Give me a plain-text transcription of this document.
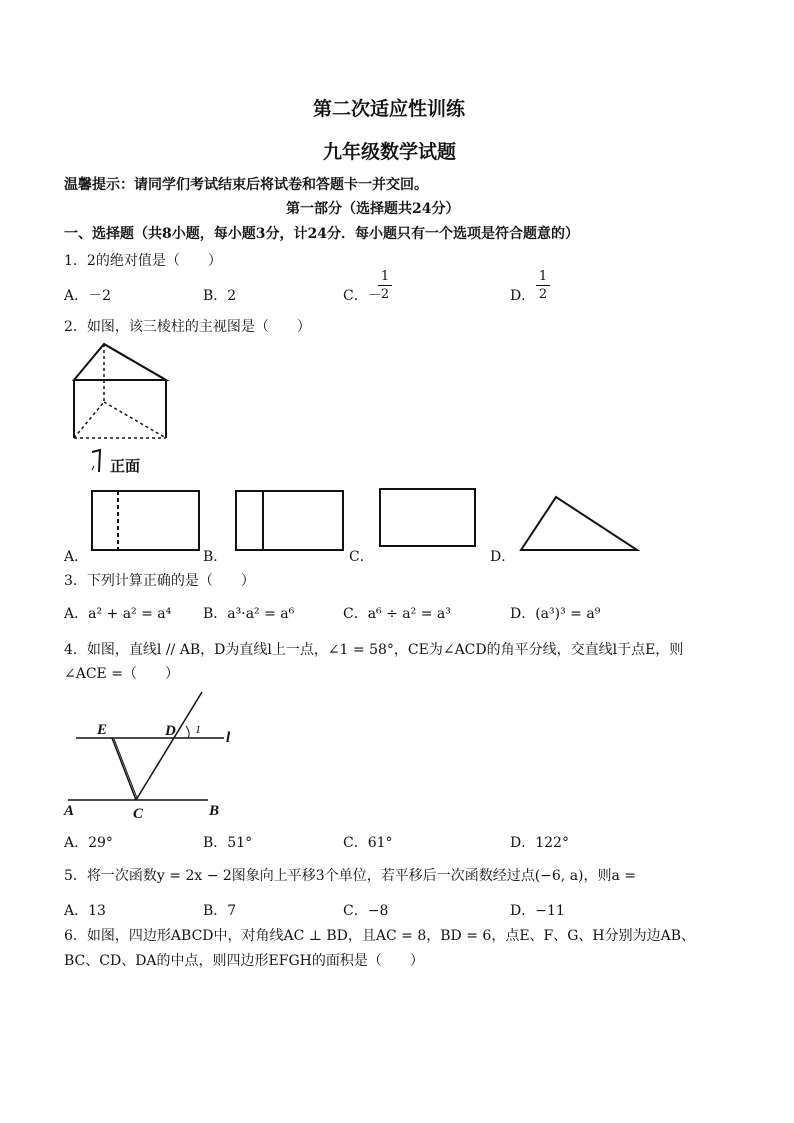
第二次适应性训练
九年级数学试题
温馨提示：请同学们考试结束后将试卷和答题卡一并交回。
第一部分（选择题共24分）
一、选择题（共8小题，每小题3分，计24分．每小题只有一个选项是符合题意的）
1．2的绝对值是（　　）
A．－2	B．2	C．－
1
2	D．
1
2
2．如图，该三棱柱的主视图是（　　）
正面
A．	B．	C．	D．
3．下列计算正确的是（　　）
A．a² + a² = a⁴ B．a³·a² = a⁶	C．a⁶ ÷ a² = a³	D．(a³)³ = a⁹
4．如图，直线l // AB，D为直线l上一点，∠1 = 58°，CE为∠ACD的角平分线，交直线l于点E，则
∠ACE =（　　）
E	D 1
l
A	C	B
A．29°	B．51°	C．61°	D．122°
5．将一次函数y = 2x − 2图象向上平移3个单位，若平移后一次函数经过点(−6, a)，则a =
A．13	B．7	C．−8	D．−11
6．如图，四边形ABCD中，对角线AC ⊥ BD，且AC = 8，BD = 6，点E、F、G、H分别为边AB、
BC、CD、DA的中点，则四边形EFGH的面积是（　　）
